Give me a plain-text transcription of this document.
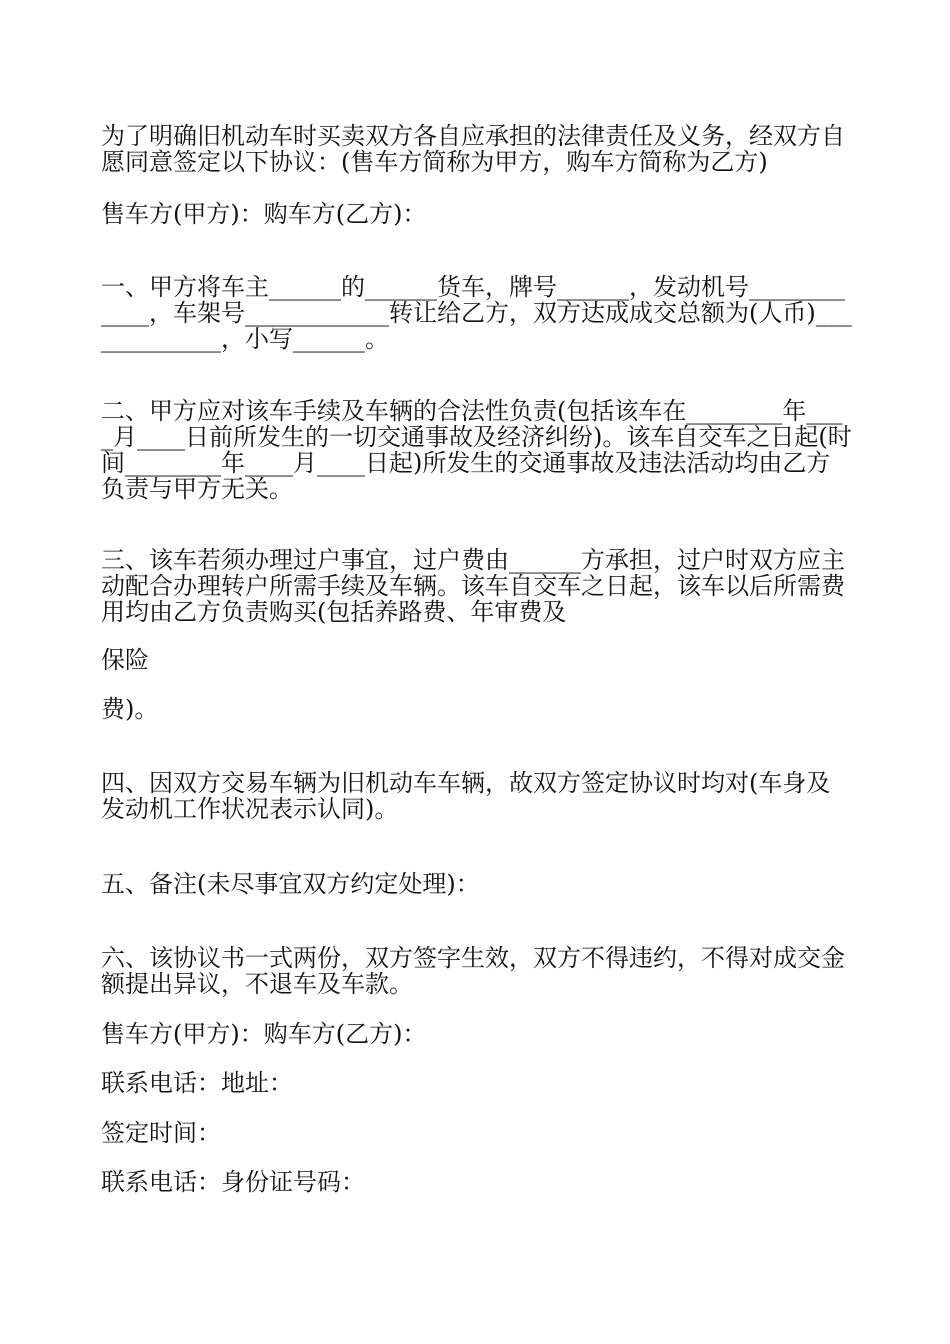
为了明确旧机动车时买卖双方各自应承担的法律责任及义务，经双方自愿同意签定以下协议：(售车方简称为甲方，购车方简称为乙方)

售车方(甲方)：购车方(乙方)：

一、甲方将车主______的______货车，牌号______，发动机号____________，车架号____________转让给乙方，双方达成成交总额为(人币)_____________，小写______。

二、甲方应对该车手续及车辆的合法性负责(包括该车在________年____月____日前所发生的一切交通事故及经济纠纷)。该车自交车之日起(时间________年____月____日起)所发生的交通事故及违法活动均由乙方负责与甲方无关。

三、该车若须办理过户事宜，过户费由______方承担，过户时双方应主动配合办理转户所需手续及车辆。该车自交车之日起，该车以后所需费用均由乙方负责购买(包括养路费、年审费及

保险

费)。

四、因双方交易车辆为旧机动车车辆，故双方签定协议时均对(车身及发动机工作状况表示认同)。

五、备注(未尽事宜双方约定处理)：

六、该协议书一式两份，双方签字生效，双方不得违约，不得对成交金额提出异议，不退车及车款。

售车方(甲方)：购车方(乙方)：

联系电话：地址：

签定时间：

联系电话：身份证号码：
